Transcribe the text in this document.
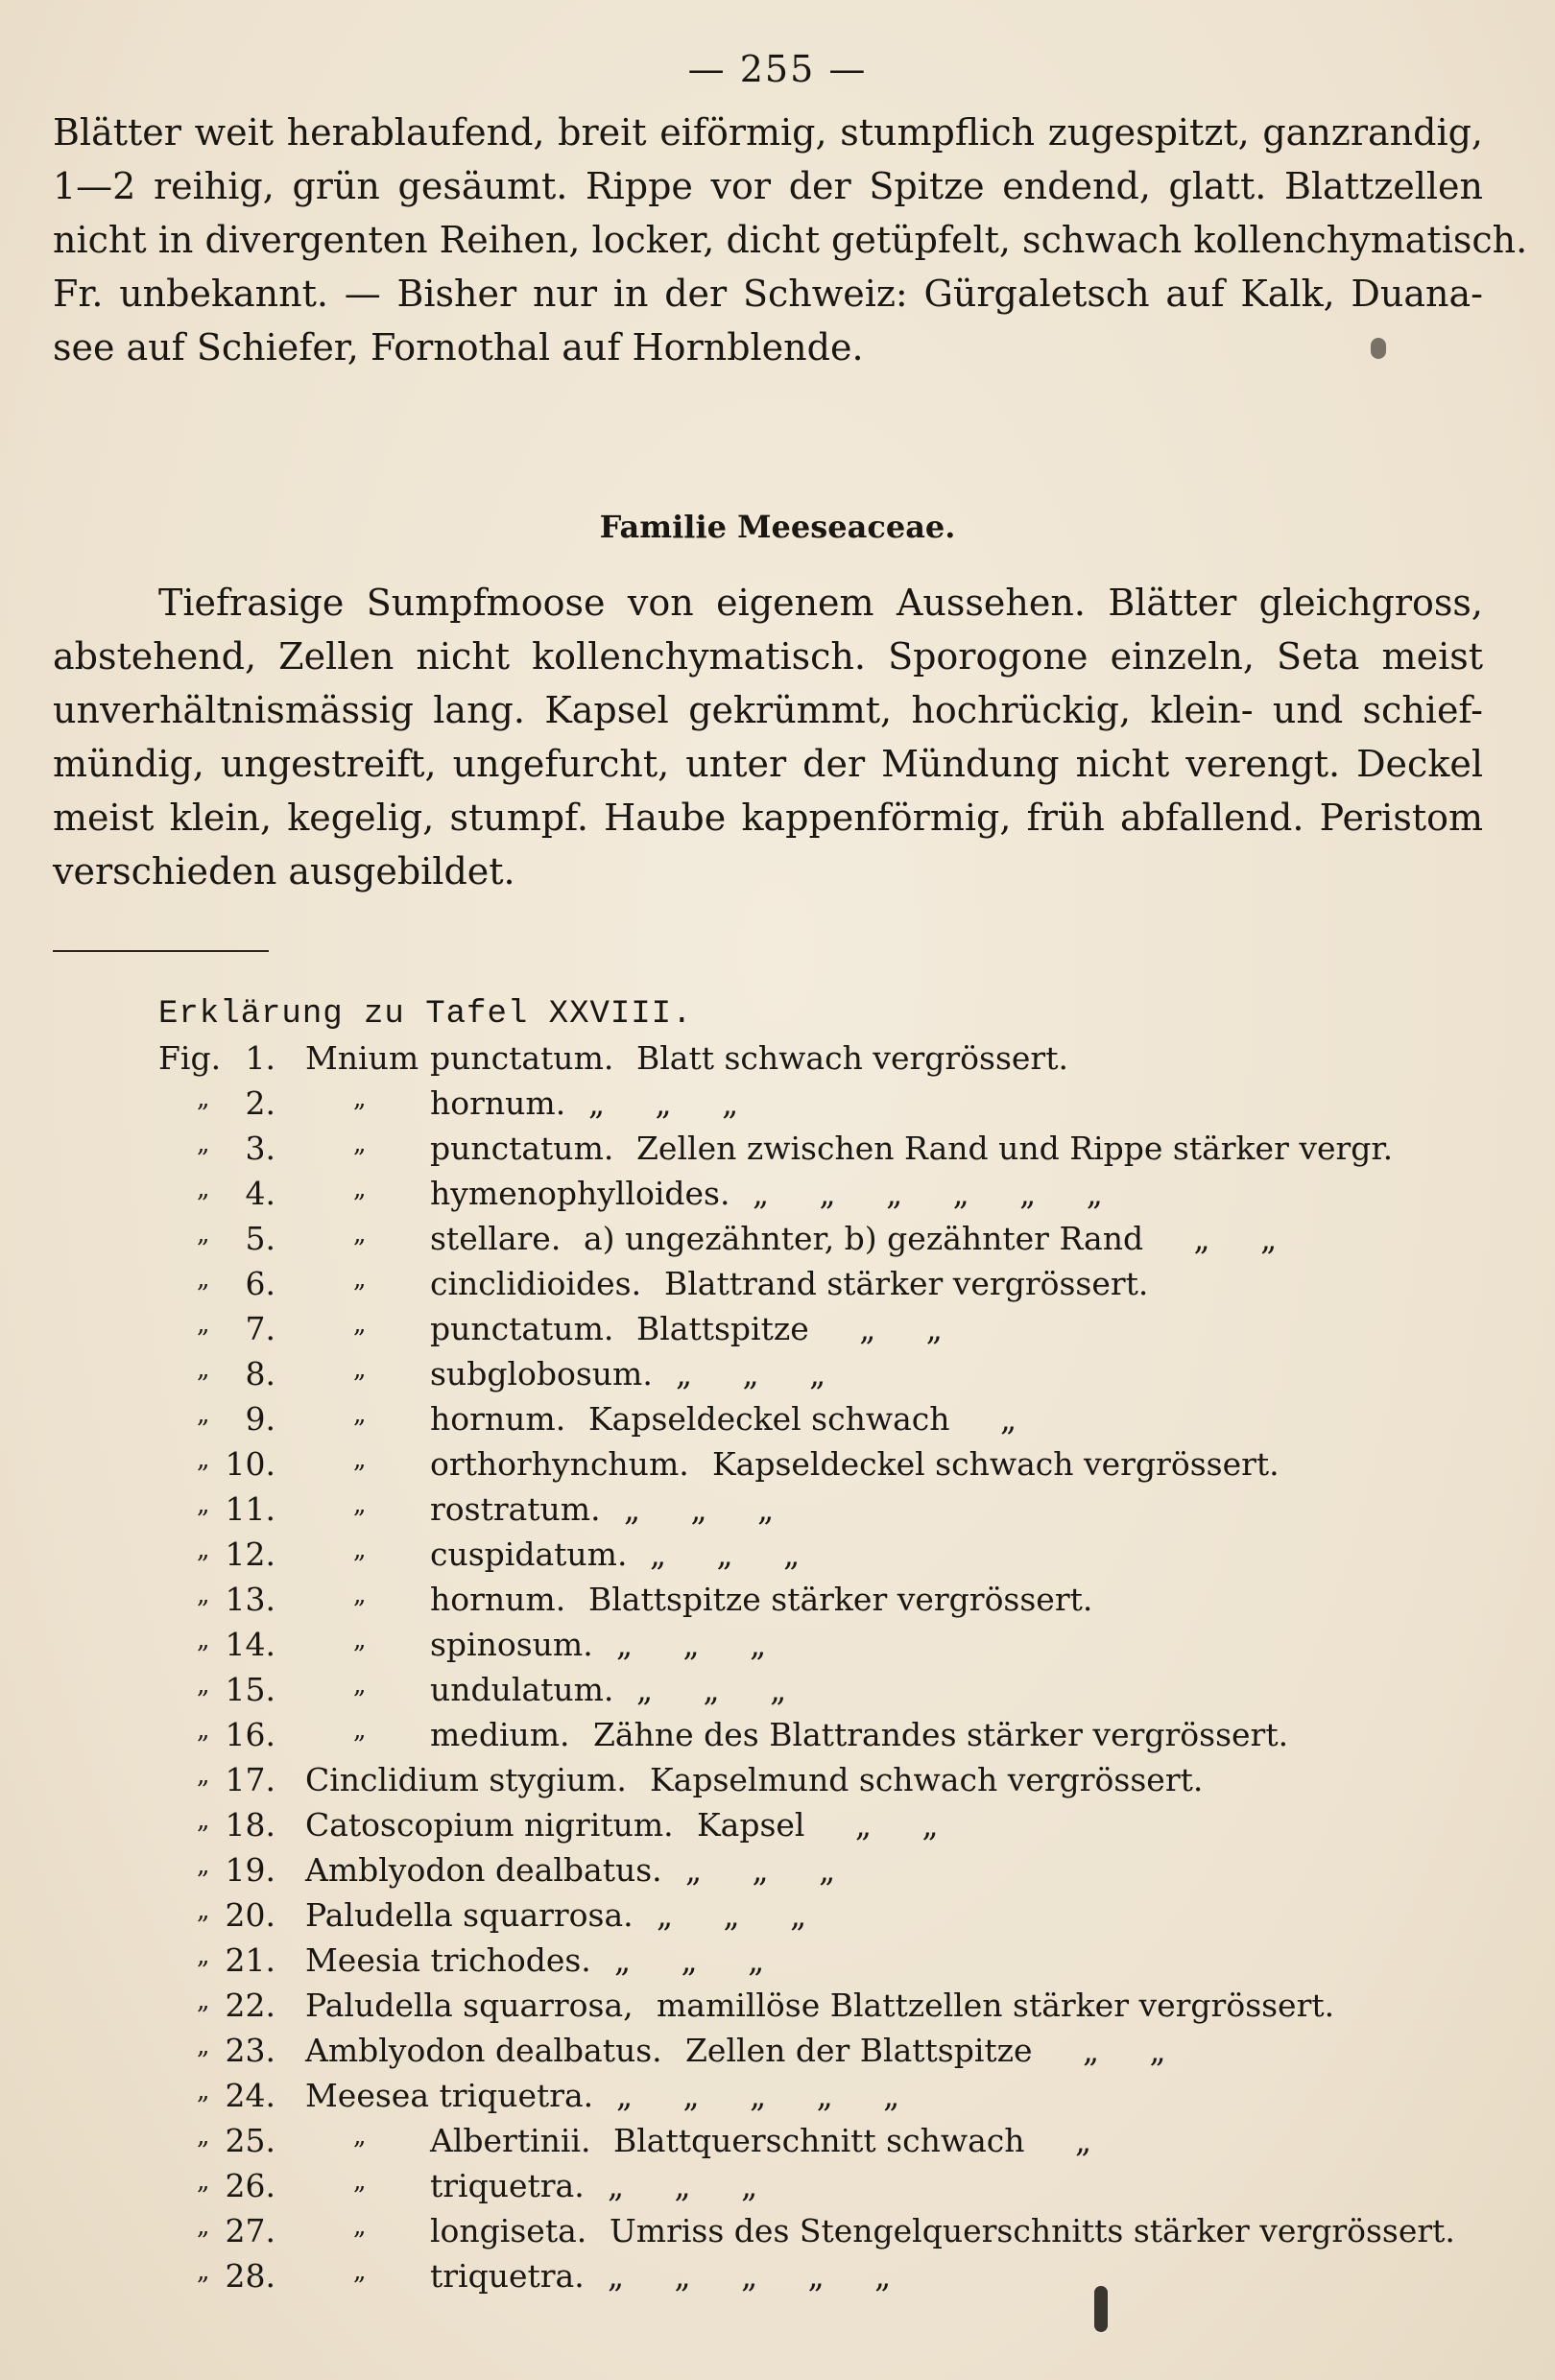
— 255 —
Blätter weit herablaufend, breit eiförmig, stumpflich zugespitzt, ganzrandig,
1—2 reihig, grün gesäumt. Rippe vor der Spitze endend, glatt. Blattzellen
nicht in divergenten Reihen, locker, dicht getüpfelt, schwach kollenchymatisch.
Fr. unbekannt. — Bisher nur in der Schweiz: Gürgaletsch auf Kalk, Duana-
see auf Schiefer, Fornothal auf Hornblende.
Familie Meeseaceae.
Tiefrasige Sumpfmoose von eigenem Aussehen. Blätter gleichgross,
abstehend, Zellen nicht kollenchymatisch. Sporogone einzeln, Seta meist
unverhältnismässig lang. Kapsel gekrümmt, hochrückig, klein- und schief-
mündig, ungestreift, ungefurcht, unter der Mündung nicht verengt. Deckel
meist klein, kegelig, stumpf. Haube kappenförmig, früh abfallend. Peristom
verschieden ausgebildet.
Erklärung zu Tafel XXVIII.
Fig. 1. Mnium punctatum. Blatt schwach vergrössert.
„	2.	„ hornum. „     „     „
„	3.	„ punctatum. Zellen zwischen Rand und Rippe stärker vergr.
„	4.	„ hymenophylloides. „     „     „     „     „     „
„	5.	„ stellare. a) ungezähnter, b) gezähnter Rand     „     „
„	6.	„ cinclidioides. Blattrand stärker vergrössert.
„	7.	„ punctatum. Blattspitze     „     „
„	8.	„ subglobosum. „     „     „
„	9.	„ hornum. Kapseldeckel schwach     „
„ 10.	„ orthorhynchum. Kapseldeckel schwach vergrössert.
„ 11.	„ rostratum. „     „     „
„ 12.	„ cuspidatum. „     „     „
„ 13.	„ hornum. Blattspitze stärker vergrössert.
„ 14.	„ spinosum. „     „     „
„ 15.	„ undulatum. „     „     „
„ 16.	„ medium. Zähne des Blattrandes stärker vergrössert.
„ 17. Cinclidium stygium. Kapselmund schwach vergrössert.
„ 18. Catoscopium nigritum. Kapsel     „     „
„ 19. Amblyodon dealbatus. „     „     „
„ 20. Paludella squarrosa. „     „     „
„ 21. Meesia trichodes. „     „     „
„ 22. Paludella squarrosa, mamillöse Blattzellen stärker vergrössert.
„ 23. Amblyodon dealbatus. Zellen der Blattspitze     „     „
„ 24. Meesea triquetra. „     „     „     „     „
„ 25.	„ Albertinii. Blattquerschnitt schwach     „
„ 26.	„ triquetra. „     „     „
„ 27.	„ longiseta. Umriss des Stengelquerschnitts stärker vergrössert.
„ 28.	„ triquetra. „     „     „     „     „
